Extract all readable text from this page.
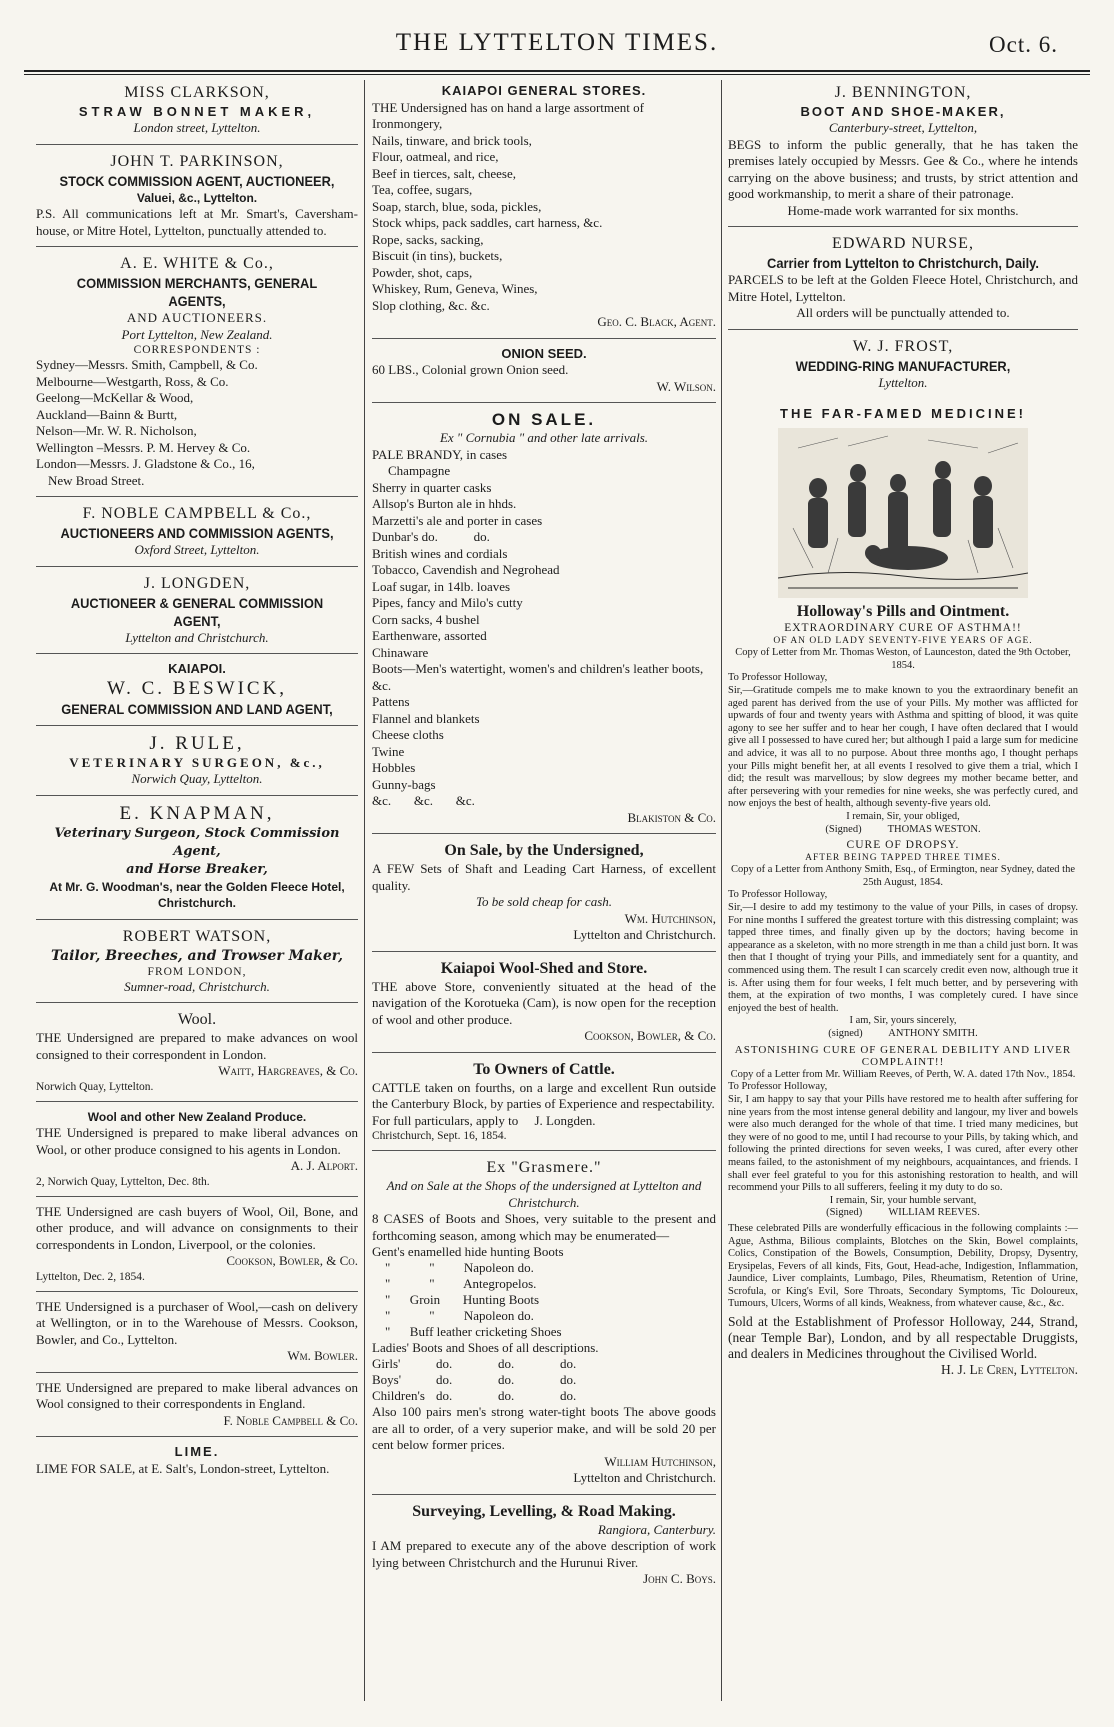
THE LYTTELTON TIMES.	Oct. 6.
MISS CLARKSON,
STRAW BONNET MAKER,
London street, Lyttelton.
JOHN T. PARKINSON,
STOCK COMMISSION AGENT, AUCTIONEER,
Valuei, &c., Lyttelton.
P.S. All communications left at Mr. Smart's, Caversham-house, or Mitre Hotel, Lyttelton, punctually attended to.
A. E. WHITE & Co.,
COMMISSION MERCHANTS, GENERAL AGENTS,
AND AUCTIONEERS.
Port Lyttelton, New Zealand.
CORRESPONDENTS :
Sydney—Messrs. Smith, Campbell, & Co.
Melbourne—Westgarth, Ross, & Co.
Geelong—McKellar & Wood,
Auckland—Bainn & Burtt,
Nelson—Mr. W. R. Nicholson,
Wellington –Messrs. P. M. Hervey & Co.
London—Messrs. J. Gladstone & Co., 16,
New Broad Street.
F. NOBLE CAMPBELL & Co.,
AUCTIONEERS AND COMMISSION AGENTS,
Oxford Street, Lyttelton.
J. LONGDEN,
AUCTIONEER & GENERAL COMMISSION AGENT,
Lyttelton and Christchurch.
KAIAPOI.
W. C. BESWICK,
GENERAL COMMISSION AND LAND AGENT,
J. RULE,
VETERINARY SURGEON, &c.,
Norwich Quay, Lyttelton.
E. KNAPMAN,
Veterinary Surgeon, Stock Commission Agent,
and Horse Breaker,
At Mr. G. Woodman's, near the Golden Fleece Hotel, Christchurch.
ROBERT WATSON,
Tailor, Breeches, and Trowser Maker,
FROM LONDON,
Sumner-road, Christchurch.
Wool.
THE Undersigned are prepared to make advances on wool consigned to their correspondent in London.
Waitt, Hargreaves, & Co.
Norwich Quay, Lyttelton.
Wool and other New Zealand Produce.
THE Undersigned is prepared to make liberal advances on Wool, or other produce consigned to his agents in London.
A. J. Alport.
2, Norwich Quay, Lyttelton, Dec. 8th.
THE Undersigned are cash buyers of Wool, Oil, Bone, and other produce, and will advance on consignments to their correspondents in London, Liverpool, or the colonies.
Cookson, Bowler, & Co.
Lyttelton, Dec. 2, 1854.
THE Undersigned is a purchaser of Wool,—cash on delivery at Wellington, or in to the Warehouse of Messrs. Cookson, Bowler, and Co., Lyttelton.
Wm. Bowler.
THE Undersigned are prepared to make liberal advances on Wool consigned to their correspondents in England.
F. Noble Campbell & Co.
LIME.
LIME FOR SALE, at E. Salt's, London-street, Lyttelton.
KAIAPOI GENERAL STORES.
THE Undersigned has on hand a large assortment of
Ironmongery,
Nails, tinware, and brick tools,
Flour, oatmeal, and rice,
Beef in tierces, salt, cheese,
Tea, coffee, sugars,
Soap, starch, blue, soda, pickles,
Stock whips, pack saddles, cart harness, &c.
Rope, sacks, sacking,
Biscuit (in tins), buckets,
Powder, shot, caps,
Whiskey, Rum, Geneva, Wines,
Slop clothing, &c. &c.
Geo. C. Black, Agent.
ONION SEED.
60 LBS., Colonial grown Onion seed.
W. Wilson.
ON SALE.
Ex " Cornubia " and other late arrivals.
PALE BRANDY, in cases
Champagne
Sherry in quarter casks
Allsop's Burton ale in hhds.
Marzetti's ale and porter in cases
Dunbar's do.           do.
British wines and cordials
Tobacco, Cavendish and Negrohead
Loaf sugar, in 14lb. loaves
Pipes, fancy and Milo's cutty
Corn sacks, 4 bushel
Earthenware, assorted
Chinaware
Boots—Men's watertight, women's and children's leather boots, &c.
Pattens
Flannel and blankets
Cheese cloths
Twine
Hobbles
Gunny-bags
&c.       &c.       &c.
Blakiston & Co.
On Sale, by the Undersigned,
A FEW Sets of Shaft and Leading Cart Harness, of excellent quality.
To be sold cheap for cash.
Wm. Hutchinson,
Lyttelton and Christchurch.
Kaiapoi Wool-Shed and Store.
THE above Store, conveniently situated at the head of the navigation of the Korotueka (Cam), is now open for the reception of wool and other produce.
Cookson, Bowler, & Co.
To Owners of Cattle.
CATTLE taken on fourths, on a large and excellent Run outside the Canterbury Block, by parties of Experience and respectability.
For full particulars, apply to     J. Longden.
Christchurch, Sept. 16, 1854.
Ex "Grasmere."
And on Sale at the Shops of the undersigned at Lyttelton and Christchurch.
8 CASES of Boots and Shoes, very suitable to the present and forthcoming season, among which may be enumerated—
Gent's enamelled hide hunting Boots
"            "         Napoleon do.
"            "         Antegropelos.
"      Groin       Hunting Boots
"            "         Napoleon do.
"      Buff leather cricketing Shoes
Ladies' Boots and Shoes of all descriptions.
Girls'	do.	do.	do.
Boys'	do.	do.	do.
Children's do.	do.	do.
Also 100 pairs men's strong water-tight boots The above goods are all to order, of a very superior make, and will be sold 20 per cent below former prices.
William Hutchinson,
Lyttelton and Christchurch.
Surveying, Levelling, & Road Making.
Rangiora, Canterbury.
I AM prepared to execute any of the above description of work lying between Christchurch and the Hurunui River.
John C. Boys.
J. BENNINGTON,
BOOT AND SHOE-MAKER,
Canterbury-street, Lyttelton,
BEGS to inform the public generally, that he has taken the premises lately occupied by Messrs. Gee & Co., where he intends carrying on the above business; and trusts, by strict attention and good workmanship, to merit a share of their patronage.
Home-made work warranted for six months.
EDWARD NURSE,
Carrier from Lyttelton to Christchurch, Daily.
PARCELS to be left at the Golden Fleece Hotel, Christchurch, and Mitre Hotel, Lyttelton.
All orders will be punctually attended to.
W. J. FROST,
WEDDING-RING MANUFACTURER,
Lyttelton.
THE FAR-FAMED MEDICINE!
Holloway's Pills and Ointment.

EXTRAORDINARY CURE OF ASTHMA!!

OF AN OLD LADY SEVENTY-FIVE YEARS OF AGE.

Copy of Letter from Mr. Thomas Weston, of Launceston, dated the 9th October, 1854.

To Professor Holloway,

Sir,—Gratitude compels me to make known to you the extraordinary benefit an aged parent has derived from the use of your Pills. My mother was afflicted for upwards of four and twenty years with Asthma and spitting of blood, it was quite agony to see her suffer and to hear her cough, I have often declared that I would give all I possessed to have cured her; but although I paid a large sum for medicine and advice, it was all to no purpose. About three months ago, I thought perhaps your Pills might benefit her, at all events I resolved to give them a trial, which I did; the result was marvellous; by slow degrees my mother became better, and after persevering with your remedies for nine weeks, she was perfectly cured, and now enjoys the best of health, although seventy-five years old.

I remain, Sir, your obliged,

(Signed)          THOMAS WESTON.

CURE OF DROPSY.

AFTER BEING TAPPED THREE TIMES.

Copy of a Letter from Anthony Smith, Esq., of Ermington, near Sydney, dated the 25th August, 1854.

To Professor Holloway,

Sir,—I desire to add my testimony to the value of your Pills, in cases of dropsy. For nine months I suffered the greatest torture with this distressing complaint; was tapped three times, and finally given up by the doctors; having become in appearance as a skeleton, with no more strength in me than a child just born. It was then that I thought of trying your Pills, and immediately sent for a quantity, and commenced using them. The result I can scarcely credit even now, although true it is. After using them for four weeks, I felt much better, and by persevering with them, at the expiration of two months, I was completely cured. I have since enjoyed the best of health.

I am, Sir, yours sincerely,

(signed)          ANTHONY SMITH.

ASTONISHING CURE OF GENERAL DEBILITY AND LIVER COMPLAINT!!

Copy of a Letter from Mr. William Reeves, of Perth, W. A. dated 17th Nov., 1854.

To Professor Holloway,

Sir, I am happy to say that your Pills have restored me to health after suffering for nine years from the most intense general debility and langour, my liver and bowels were also much deranged for the whole of that time. I tried many medicines, but they were of no good to me, until I had recourse to your Pills, by taking which, and following the printed directions for seven weeks, I was cured, after every other means failed, to the astonishment of my neighbours, acquaintances, and friends. I shall ever feel grateful to you for this astonishing restoration to health, and will recommend your Pills to all sufferers, feeling it my duty to do so.

I remain, Sir, your humble servant,

(Signed)          WILLIAM REEVES.

These celebrated Pills are wonderfully efficacious in the following complaints :— Ague, Asthma, Bilious complaints, Blotches on the Skin, Bowel complaints, Colics, Constipation of the Bowels, Consumption, Debility, Dropsy, Dysentry, Erysipelas, Fevers of all kinds, Fits, Gout, Head-ache, Indigestion, Inflammation, Jaundice, Liver complaints, Lumbago, Piles, Rheumatism, Retention of Urine, Scrofula, or King's Evil, Sore Throats, Secondary Symptoms, Tic Doloureux, Tumours, Ulcers, Worms of all kinds, Weakness, from whatever cause, &c., &c.

Sold at the Establishment of Professor Holloway, 244, Strand, (near Temple Bar), London, and by all respectable Druggists, and dealers in Medicines throughout the Civilised World.
H. J. Le Cren, Lyttelton.
